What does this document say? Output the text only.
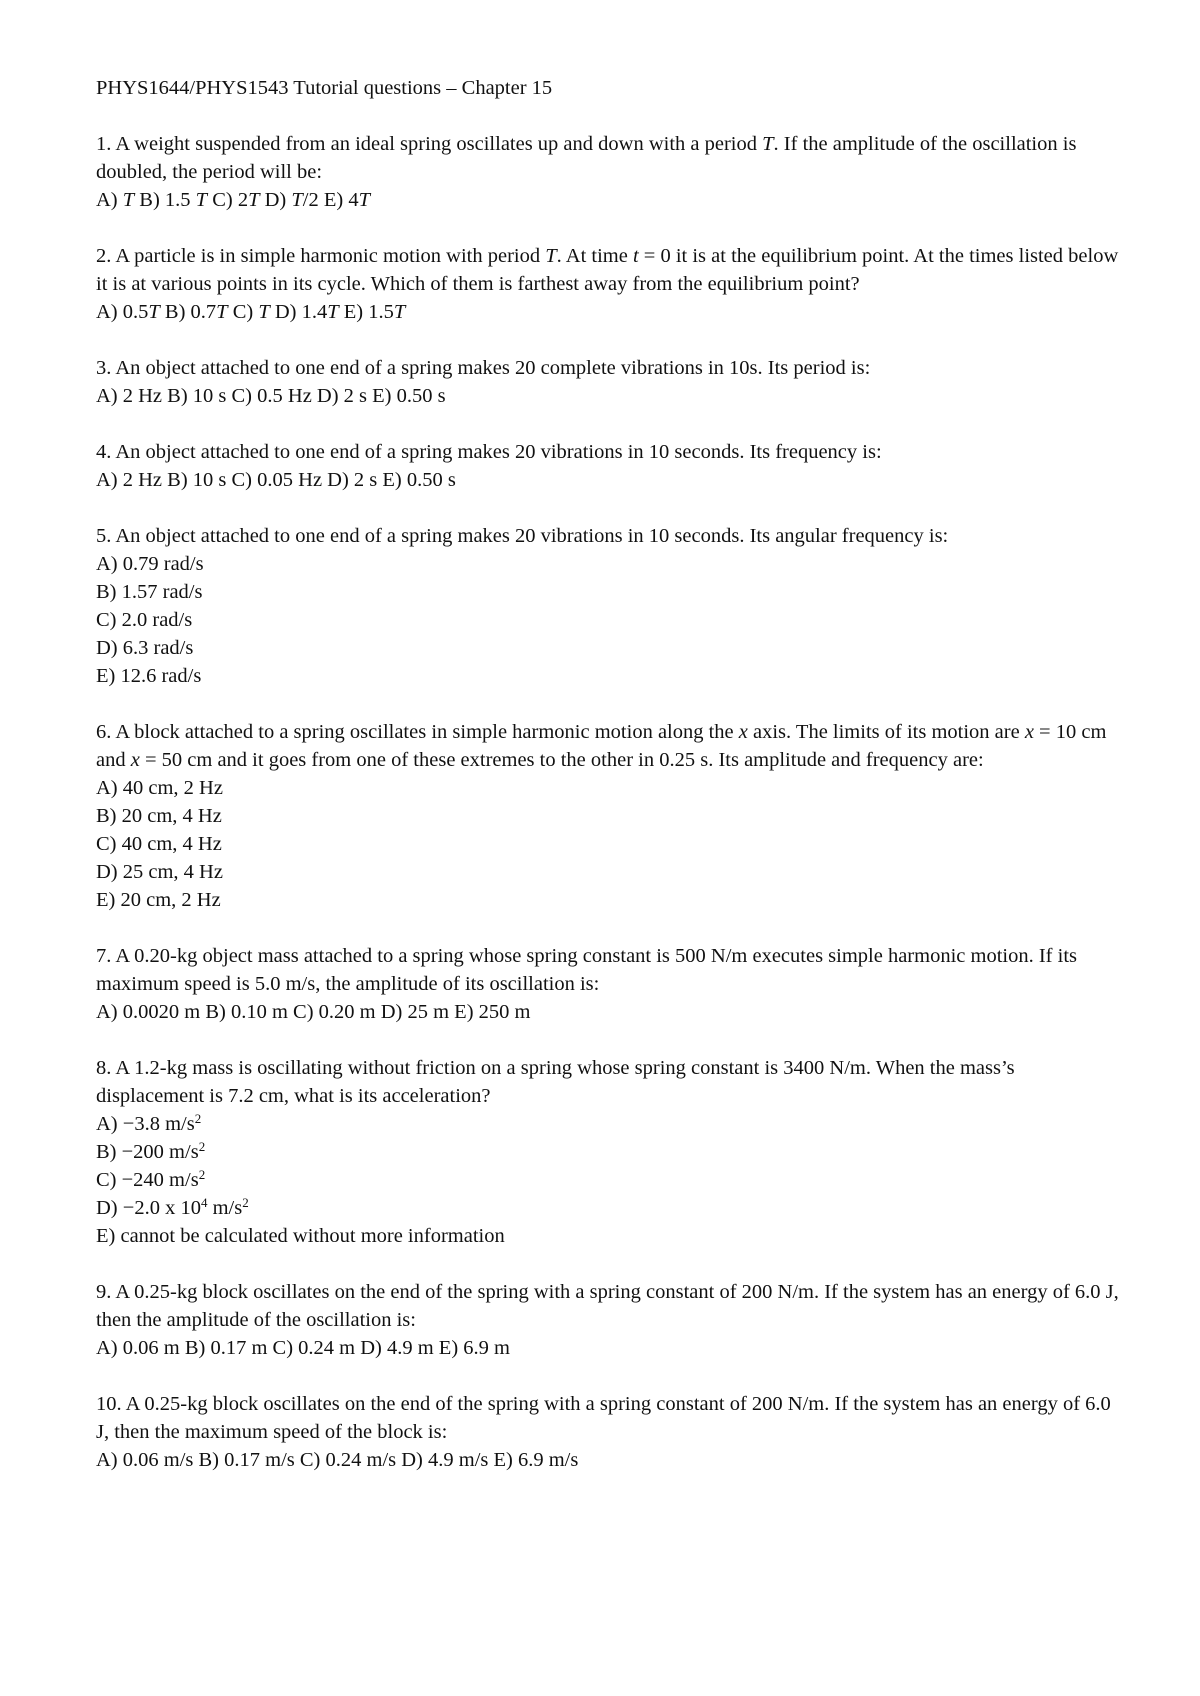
PHYS1644/PHYS1543 Tutorial questions – Chapter 15

1. A weight suspended from an ideal spring oscillates up and down with a period T. If the amplitude of the oscillation is doubled, the period will be:

A) T B) 1.5 T C) 2T D) T/2 E) 4T

2. A particle is in simple harmonic motion with period T. At time t = 0 it is at the equilibrium point. At the times listed below it is at various points in its cycle. Which of them is farthest away from the equilibrium point?

A) 0.5T B) 0.7T C) T D) 1.4T E) 1.5T

3. An object attached to one end of a spring makes 20 complete vibrations in 10s. Its period is:

A) 2 Hz B) 10 s C) 0.5 Hz D) 2 s E) 0.50 s

4. An object attached to one end of a spring makes 20 vibrations in 10 seconds. Its frequency is:

A) 2 Hz B) 10 s C) 0.05 Hz D) 2 s E) 0.50 s

5. An object attached to one end of a spring makes 20 vibrations in 10 seconds. Its angular frequency is:

A) 0.79 rad/s

B) 1.57 rad/s

C) 2.0 rad/s

D) 6.3 rad/s

E) 12.6 rad/s

6. A block attached to a spring oscillates in simple harmonic motion along the x axis. The limits of its motion are x = 10 cm and x = 50 cm and it goes from one of these extremes to the other in 0.25 s. Its amplitude and frequency are:

A) 40 cm, 2 Hz

B) 20 cm, 4 Hz

C) 40 cm, 4 Hz

D) 25 cm, 4 Hz

E) 20 cm, 2 Hz

7. A 0.20-kg object mass attached to a spring whose spring constant is 500 N/m executes simple harmonic motion. If its maximum speed is 5.0 m/s, the amplitude of its oscillation is:

A) 0.0020 m B) 0.10 m C) 0.20 m D) 25 m E) 250 m

8. A 1.2-kg mass is oscillating without friction on a spring whose spring constant is 3400 N/m. When the mass’s displacement is 7.2 cm, what is its acceleration?

A) −3.8 $m/s^2$

B) −200 $m/s^2$

C) −240 $m/s^2$

D) −2.0 x $10^4$ $m/s^2$

E) cannot be calculated without more information

9. A 0.25-kg block oscillates on the end of the spring with a spring constant of 200 N/m. If the system has an energy of 6.0 J, then the amplitude of the oscillation is:

A) 0.06 m B) 0.17 m C) 0.24 m D) 4.9 m E) 6.9 m

10. A 0.25-kg block oscillates on the end of the spring with a spring constant of 200 N/m. If the system has an energy of 6.0 J, then the maximum speed of the block is:

A) 0.06 m/s B) 0.17 m/s C) 0.24 m/s D) 4.9 m/s E) 6.9 m/s
